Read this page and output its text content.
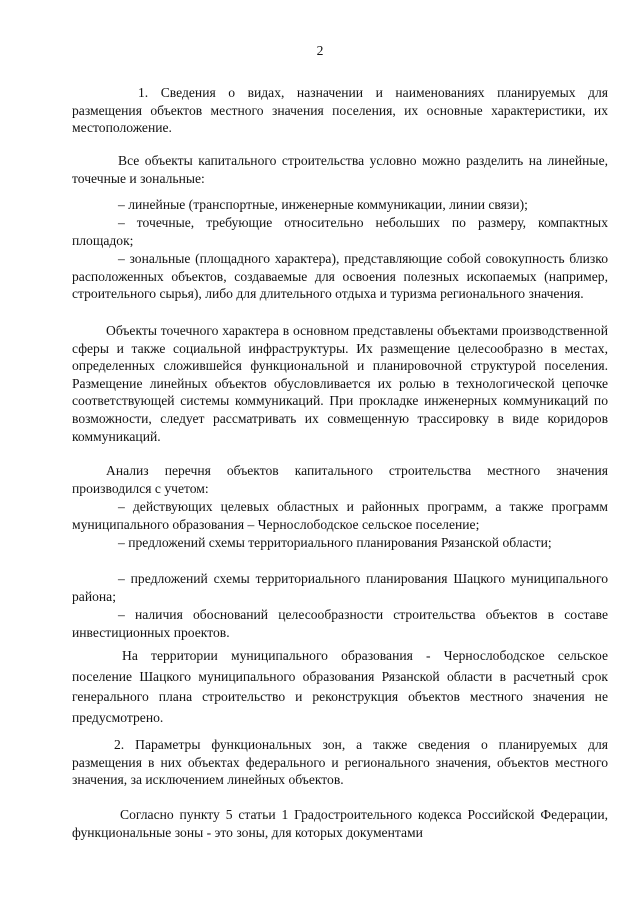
2

1. Сведения о видах, назначении и наименованиях планируемых для размещения объектов местного значения поселения, их основные характеристики, их местоположение.

Все объекты капитального строительства условно можно разделить на линейные, точечные и зональные:

– линейные (транспортные, инженерные коммуникации, линии связи);

– точечные, требующие относительно небольших по размеру, компактных площадок;

– зональные (площадного характера), представляющие собой совокупность близко расположенных объектов, создаваемые для освоения полезных ископаемых (например, строительного сырья), либо для длительного отдыха и туризма регионального значения.

Объекты точечного характера в основном представлены объектами производственной сферы и также социальной инфраструктуры. Их размещение целесообразно в местах, определенных сложившейся функциональной и планировочной структурой поселения. Размещение линейных объектов обусловливается их ролью в технологической цепочке соответствующей системы коммуникаций. При прокладке инженерных коммуникаций по возможности, следует рассматривать их совмещенную трассировку в виде коридоров коммуникаций.

Анализ перечня объектов капитального строительства местного значения производился с учетом:

– действующих целевых областных и районных программ, а также программ муниципального образования – Чернослободское сельское поселение;

– предложений схемы территориального планирования Рязанской области;

– предложений схемы территориального планирования Шацкого муниципального района;

– наличия обоснований целесообразности строительства объектов в составе инвестиционных проектов.

На территории муниципального образования - Чернослободское сельское поселение Шацкого муниципального образования Рязанской области в расчетный срок генерального плана строительство и реконструкция объектов местного значения не предусмотрено.

2. Параметры функциональных зон, а также сведения о планируемых для размещения в них объектах федерального и регионального значения, объектов местного значения, за исключением линейных объектов.

Согласно пункту 5 статьи 1 Градостроительного кодекса Российской Федерации, функциональные зоны - это зоны, для которых документами
